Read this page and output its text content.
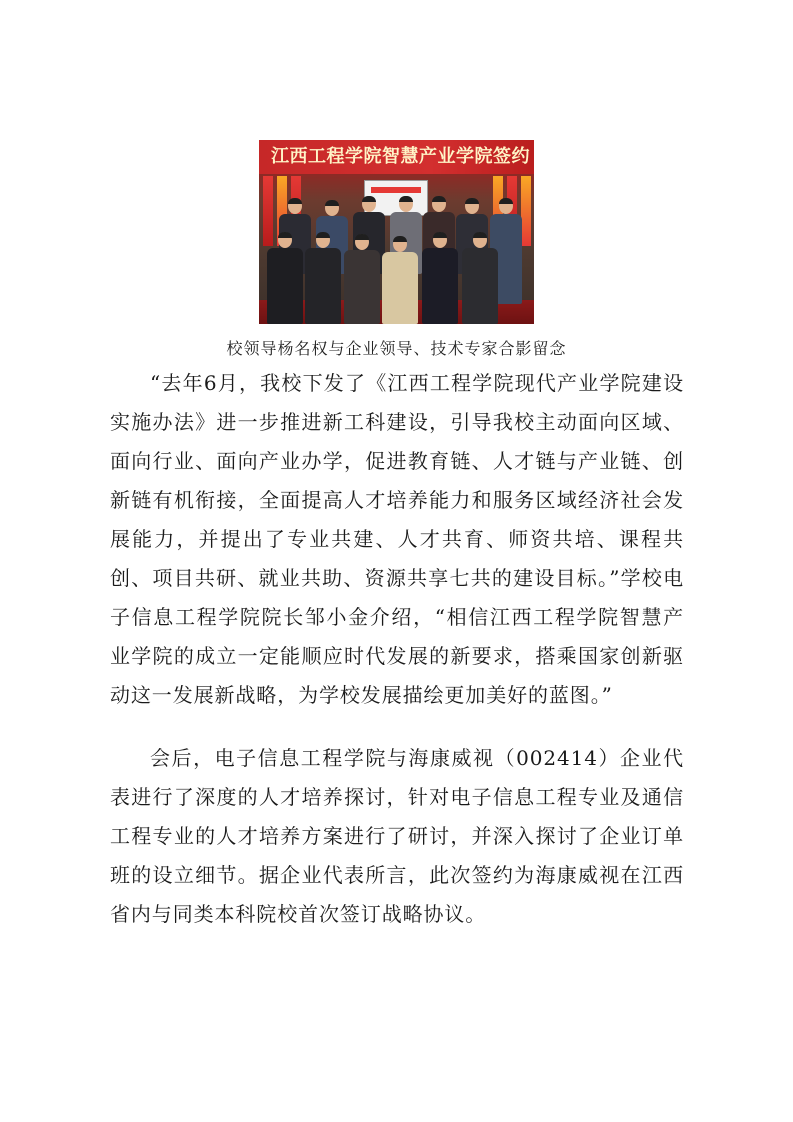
江西工程学院智慧产业学院签约
校领导杨名权与企业领导、技术专家合影留念

“去年6月，我校下发了《江西工程学院现代产业学院建设实施办法》进一步推进新工科建设，引导我校主动面向区域、面向行业、面向产业办学，促进教育链、人才链与产业链、创新链有机衔接，全面提高人才培养能力和服务区域经济社会发展能力，并提出了专业共建、人才共育、师资共培、课程共创、项目共研、就业共助、资源共享七共的建设目标。”学校电子信息工程学院院长邹小金介绍，“相信江西工程学院智慧产业学院的成立一定能顺应时代发展的新要求，搭乘国家创新驱动这一发展新战略，为学校发展描绘更加美好的蓝图。”

会后，电子信息工程学院与海康威视（002414）企业代表进行了深度的人才培养探讨，针对电子信息工程专业及通信工程专业的人才培养方案进行了研讨，并深入探讨了企业订单班的设立细节。据企业代表所言，此次签约为海康威视在江西省内与同类本科院校首次签订战略协议。
